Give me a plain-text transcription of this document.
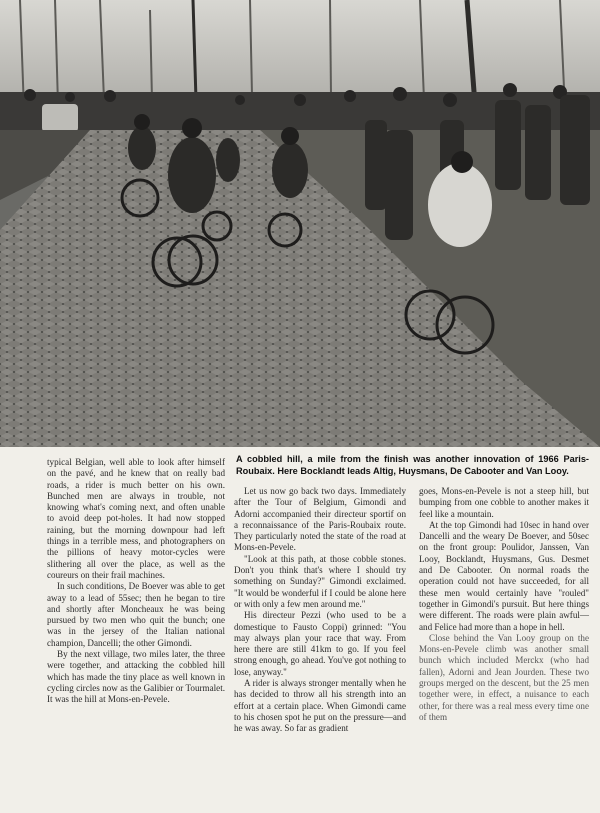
A cobbled hill, a mile from the finish was another innovation of 1966 Paris-Roubaix. Here Bocklandt leads Altig, Huysmans, De Cabooter and Van Looy.

typical Belgian, well able to look after himself on the pavé, and he knew that on really bad roads, a rider is much better on his own. Bunched men are always in trouble, not knowing what's coming next, and often unable to avoid deep pot-holes. It had now stopped raining, but the morning downpour had left things in a terrible mess, and photographers on the pillions of heavy motor-cycles were slithering all over the place, as well as the coureurs on their frail machines.

In such conditions, De Boever was able to get away to a lead of 55sec; then he began to tire and shortly after Moncheaux he was being pursued by two men who quit the bunch; one was in the jersey of the Italian national champion, Dancelli; the other Gimondi.

By the next village, two miles later, the three were together, and attacking the cobbled hill which has made the tiny place as well known in cycling circles now as the Galibier or Tourmalet. It was the hill at Mons-en-Pevele.

Let us now go back two days. Immediately after the Tour of Belgium, Gimondi and Adorni accompanied their directeur sportif on a reconnaissance of the Paris-Roubaix route. They particularly noted the state of the road at Mons-en-Pevele.

"Look at this path, at those cobble stones. Don't you think that's where I should try something on Sunday?" Gimondi exclaimed. "It would be wonderful if I could be alone here or with only a few men around me."

His directeur Pezzi (who used to be a domestique to Fausto Coppi) grinned: "You may always plan your race that way. From here there are still 41km to go. If you feel strong enough, go ahead. You've got nothing to lose, anyway."

A rider is always stronger mentally when he has decided to throw all his strength into an effort at a certain place. When Gimondi came to his chosen spot he put on the pressure—and he was away. So far as gradient

goes, Mons-en-Pevele is not a steep hill, but bumping from one cobble to another makes it feel like a mountain.

At the top Gimondi had 10sec in hand over Dancelli and the weary De Boever, and 50sec on the front group: Poulidor, Janssen, Van Looy, Bocklandt, Huysmans, Gus. Desmet and De Cabooter. On normal roads the operation could not have succeeded, for all these men would certainly have "rouled" together in Gimondi's pursuit. But here things were different. The roads were plain awful—and Felice had more than a hope in hell.

Close behind the Van Looy group on the Mons-en-Pevele climb was another small bunch which included Merckx (who had fallen), Adorni and Jean Jourden. These two groups merged on the descent, but the 25 men together were, in effect, a nuisance to each other, for there was a real mess every time one of them
